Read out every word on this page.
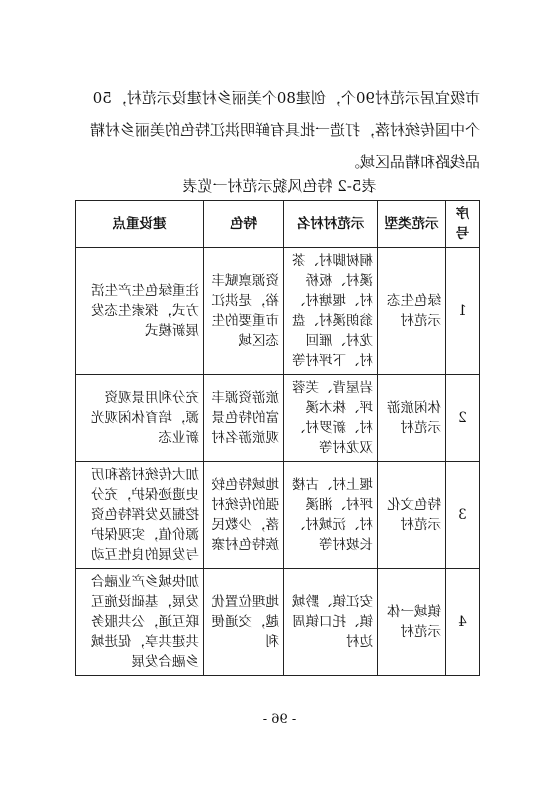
市级宜居示范村90个，创建80个美丽乡村建设示范村，50
个中国传统村落，打造一批具有鲜明洪江特色的美丽乡村精
品线路和精品区域。
表5-2 特色风貌示范村一览表
序号	示范类型	示范村村名	特色	建设重点
1	绿色生态示范村	桐树脚村、茶溪村、板桥村、堰塘村、翁朗溪村、盘龙村、雁回村、下坪村等	资源禀赋丰裕，是洪江市重要的生态区域	注重绿色生产生活方式，探索生态发展新模式
2	休闲旅游示范村	岩屋背、芙蓉坪、株木溪村、新罗村、双龙村等	旅游资源丰富的特色景观旅游名村	充分利用景观资源，培育休闲观光新业态
3	特色文化示范村	堰上村、古楼坪村、湘溪村、沅城村、长坡村等	地域特色较强的传统村落，少数民族特色村寨	加大传统村落和历史遗迹保护，充分挖掘及发挥特色资源价值，实现保护与发展的良性互动
4	镇域一体示范村	安江镇、黔城镇、托口镇周边村	地理位置优越，交通便利	加快城乡产业融合发展，基础设施互联互通，公共服务共建共享，促进城乡融合发展
- 96 -
